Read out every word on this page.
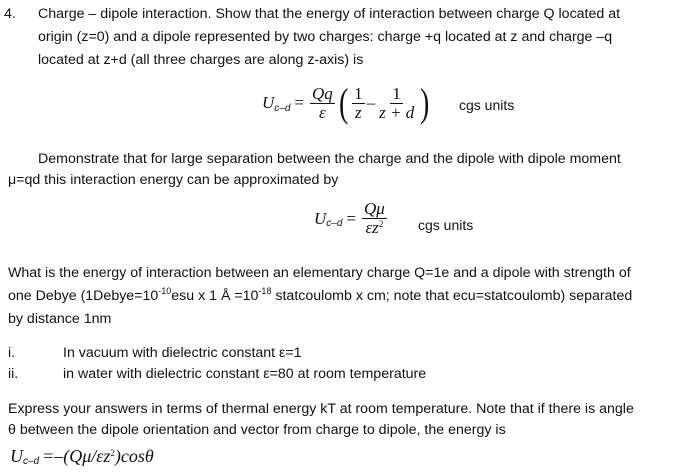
4. Charge – dipole interaction. Show that the energy of interaction between charge Q located at
origin (z=0) and a dipole represented by two charges: charge +q located at z and charge –q
located at z+d (all three charges are along z-axis) is
U $c-d = \frac{Qq}{\varepsilon}$ ( $\frac{1}{z} - \frac{1}{z + d}$ ) cgs units
Demonstrate that for large separation between the charge and the dipole with dipole moment
μ=qd this interaction energy can be approximated by
U $c-d = \frac{Q\mu}{\varepsilon z^2}$ cgs units
What is the energy of interaction between an elementary charge Q=1e and a dipole with strength of
one Debye ($1Debye=10^{-10}esu$ x 1 Å $=10^{-18}$ statcoulomb x cm; note that ecu=statcoulomb) separated
by distance 1nm
i.	In vacuum with dielectric constant ε=1
ii.	in water with dielectric constant ε=80 at room temperature
Express your answers in terms of thermal energy kT at room temperature. Note that if there is angle
θ between the dipole orientation and vector from charge to dipole, the energy is
U $c-d =-(Q\mu/\varepsilon z^2)\cos\theta$
